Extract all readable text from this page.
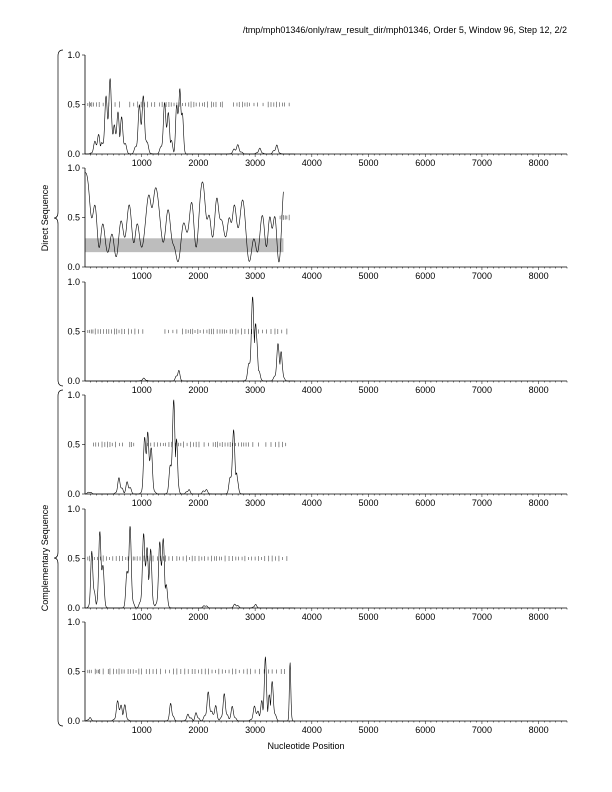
/tmp/mph01346/only/raw_result_dir/mph01346, Order 5, Window 96, Step 12, 2/2
0.0
0.5
1.0
1000	2000	3000	4000	5000	6000	7000	8000
0.0
0.5
1.0
1000	2000	3000	4000	5000	6000	7000	8000
0.0
0.5
1.0
1000	2000	3000	4000	5000	6000	7000	8000
0.0
0.5
1.0
1000	2000	3000	4000	5000	6000	7000	8000
0.0
0.5
1.0
1000	2000	3000	4000	5000	6000	7000	8000
0.0
0.5
1.0
1000	2000	3000	4000	5000	6000	7000	8000
Direct Sequence
Complementary Sequence
Nucleotide Position
